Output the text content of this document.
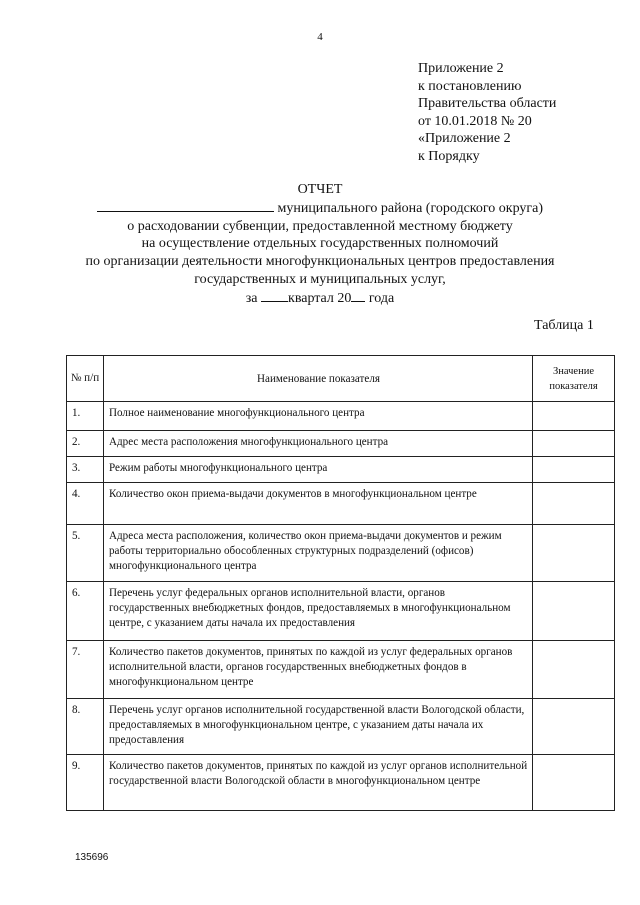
4
Приложение 2
к постановлению
Правительства области
от 10.01.2018 № 20
«Приложение 2
к Порядку
ОТЧЕТ
муниципального района (городского округа)
о расходовании субвенции, предоставленной местному бюджету
на осуществление отдельных государственных полномочий
по организации деятельности многофункциональных центров предоставления
государственных и муниципальных услуг,
за квартал 20 года
Таблица 1
№ п/п	Наименование показателя	Значение показателя
1.	Полное наименование многофункционального центра	
2.	Адрес места расположения многофункционального центра	
3.	Режим работы многофункционального центра	
4.	Количество окон приема-выдачи документов в многофункциональном центре	
5.	Адреса места расположения, количество окон приема-выдачи документов и режим работы территориально обособленных структурных подразделений (офисов) многофункционального центра	
6.	Перечень услуг федеральных органов исполнительной власти, органов государственных внебюджетных фондов, предоставляемых в многофункциональном центре, с указанием даты начала их предоставления	
7.	Количество пакетов документов, принятых по каждой из услуг федеральных органов исполнительной власти, органов государственных внебюджетных фондов в многофункциональном центре	
8.	Перечень услуг органов исполнительной государственной власти Вологодской области, предоставляемых в многофункциональном центре, с указанием даты начала их предоставления	
9.	Количество пакетов документов, принятых по каждой из услуг органов исполнительной государственной власти Вологодской области в многофункциональном центре	
135696
